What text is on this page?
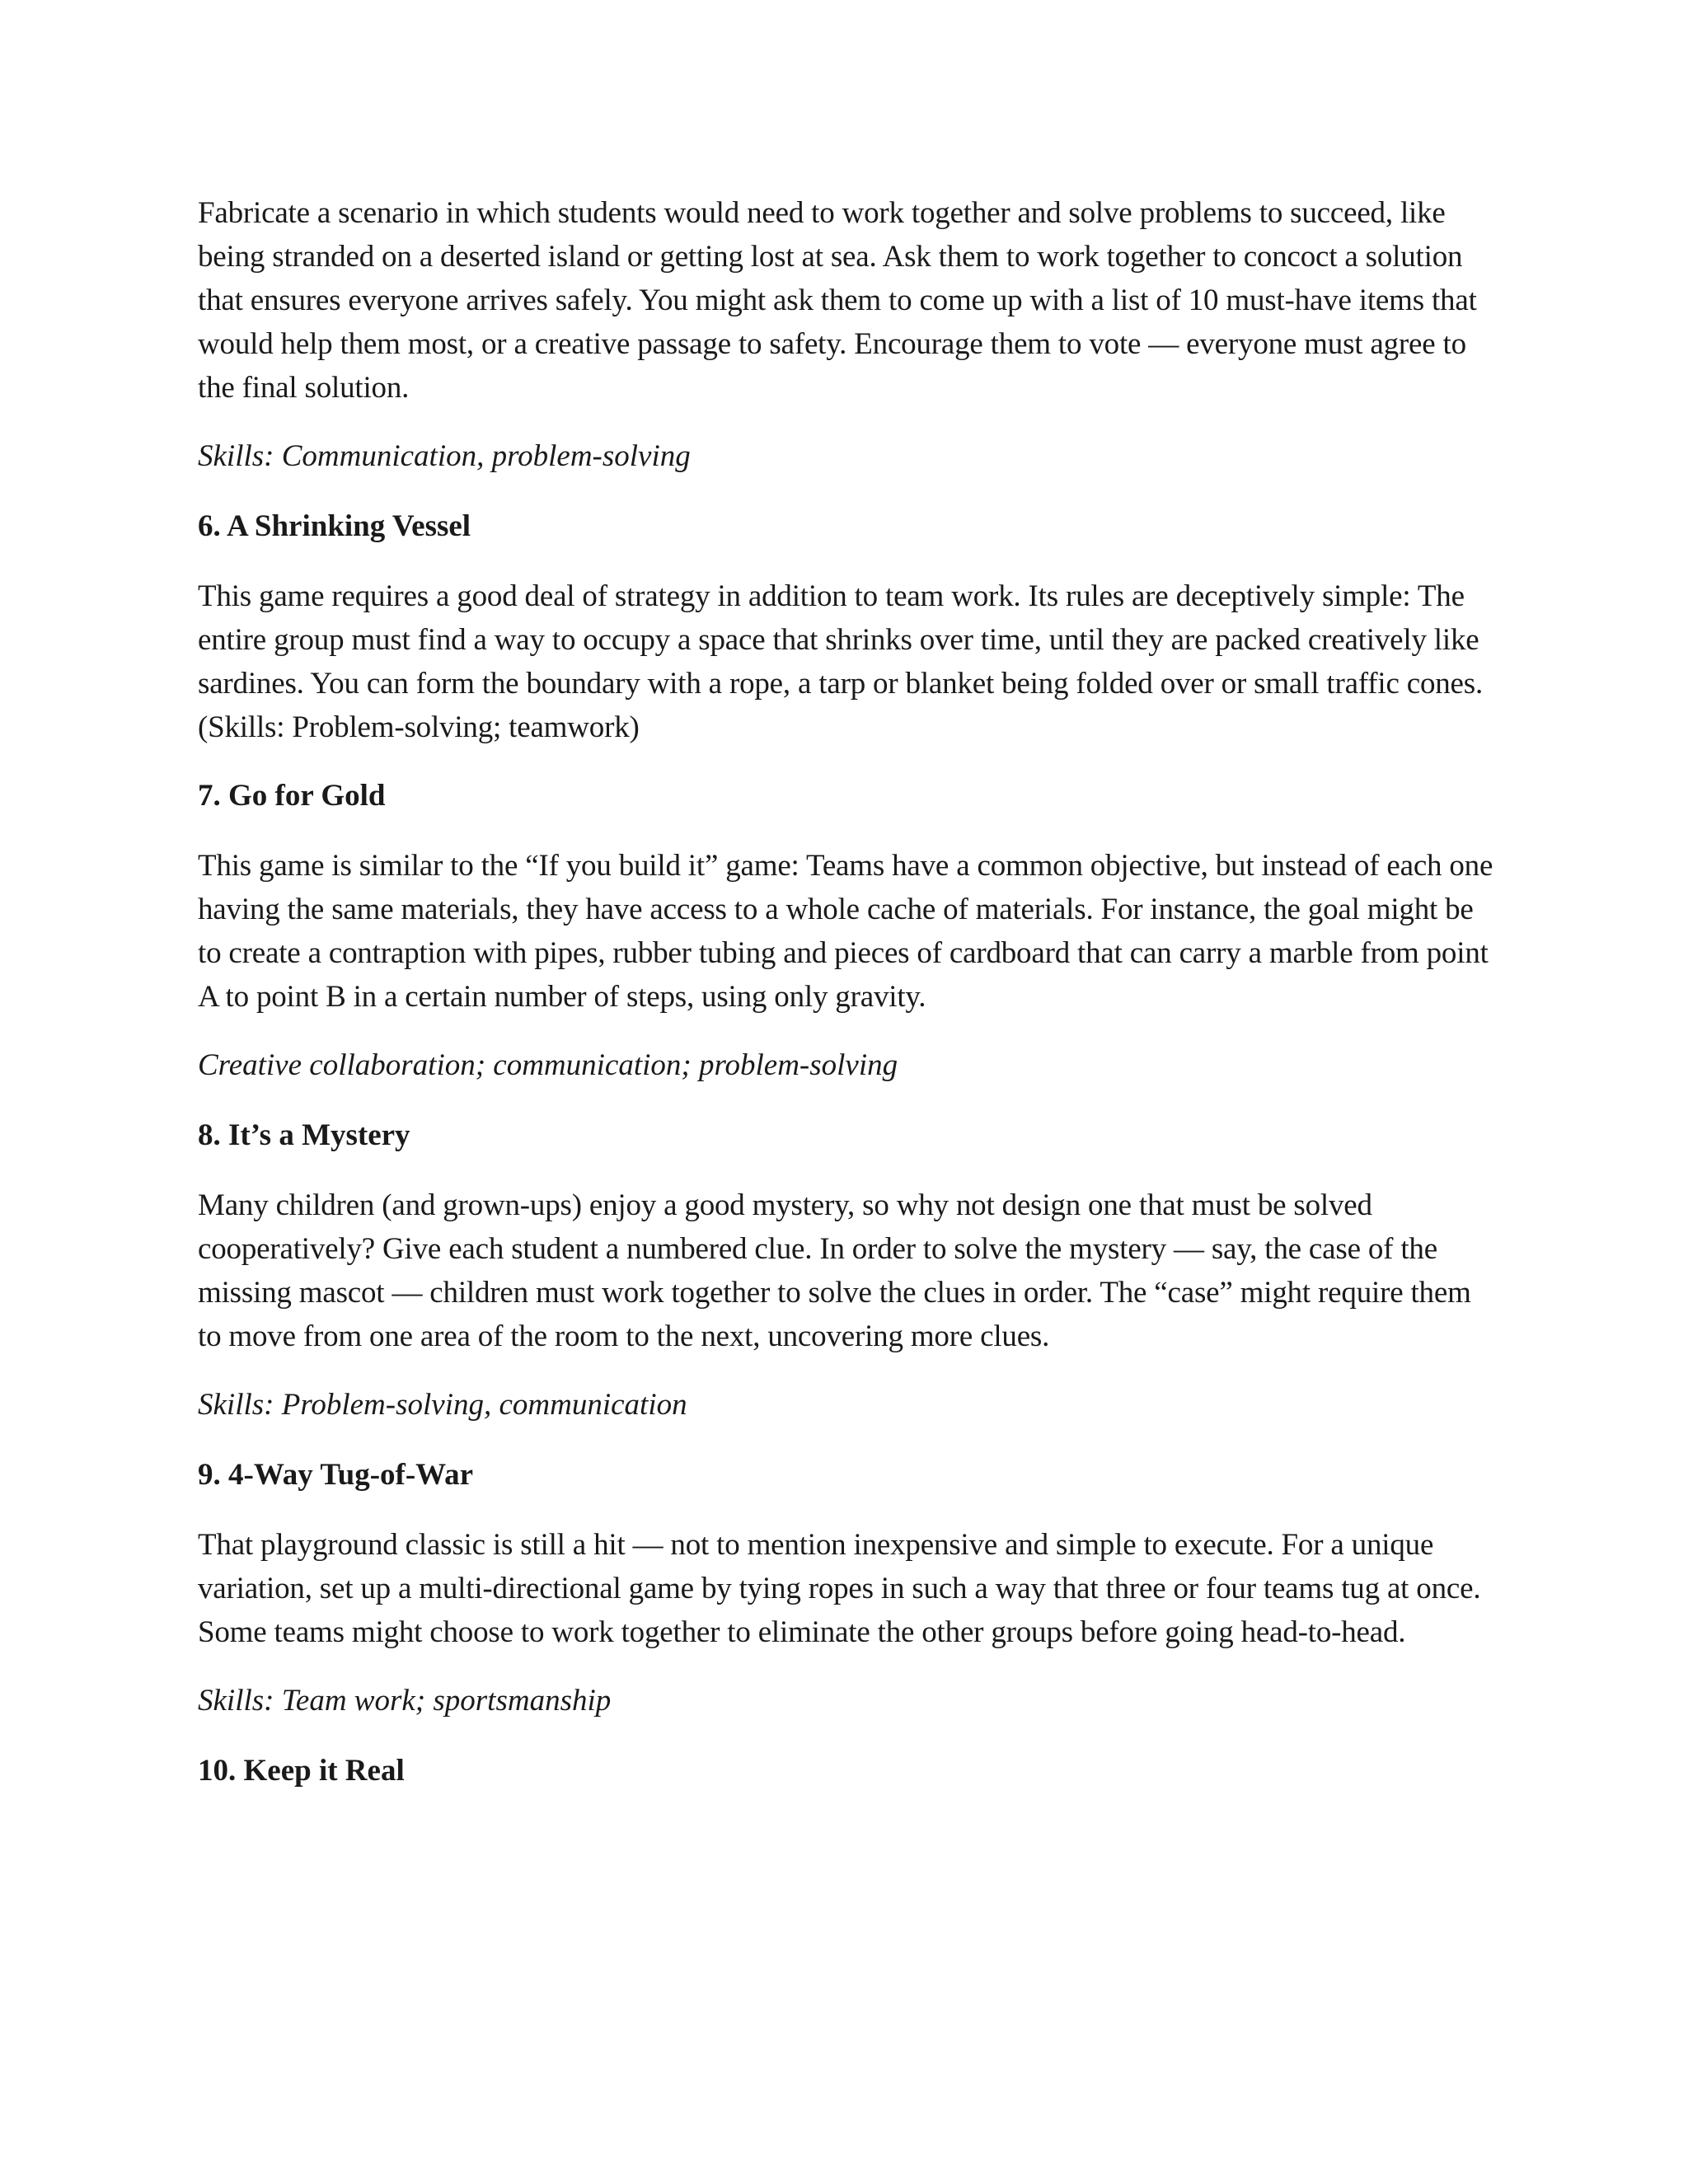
Fabricate a scenario in which students would need to work together and solve problems to succeed, like being stranded on a deserted island or getting lost at sea. Ask them to work together to concoct a solution that ensures everyone arrives safely. You might ask them to come up with a list of 10 must-have items that would help them most, or a creative passage to safety. Encourage them to vote — everyone must agree to the final solution.

Skills: Communication, problem-solving

6. A Shrinking Vessel

This game requires a good deal of strategy in addition to team work. Its rules are deceptively simple: The entire group must find a way to occupy a space that shrinks over time, until they are packed creatively like sardines. You can form the boundary with a rope, a tarp or blanket being folded over or small traffic cones. (Skills: Problem-solving; teamwork)

7. Go for Gold

This game is similar to the “If you build it” game: Teams have a common objective, but instead of each one having the same materials, they have access to a whole cache of materials. For instance, the goal might be to create a contraption with pipes, rubber tubing and pieces of cardboard that can carry a marble from point A to point B in a certain number of steps, using only gravity.

Creative collaboration; communication; problem-solving

8. It’s a Mystery

Many children (and grown-ups) enjoy a good mystery, so why not design one that must be solved cooperatively? Give each student a numbered clue. In order to solve the mystery — say, the case of the missing mascot — children must work together to solve the clues in order. The “case” might require them to move from one area of the room to the next, uncovering more clues.

Skills: Problem-solving, communication

9. 4-Way Tug-of-War

That playground classic is still a hit — not to mention inexpensive and simple to execute. For a unique variation, set up a multi-directional game by tying ropes in such a way that three or four teams tug at once. Some teams might choose to work together to eliminate the other groups before going head-to-head.

Skills: Team work; sportsmanship

10. Keep it Real
